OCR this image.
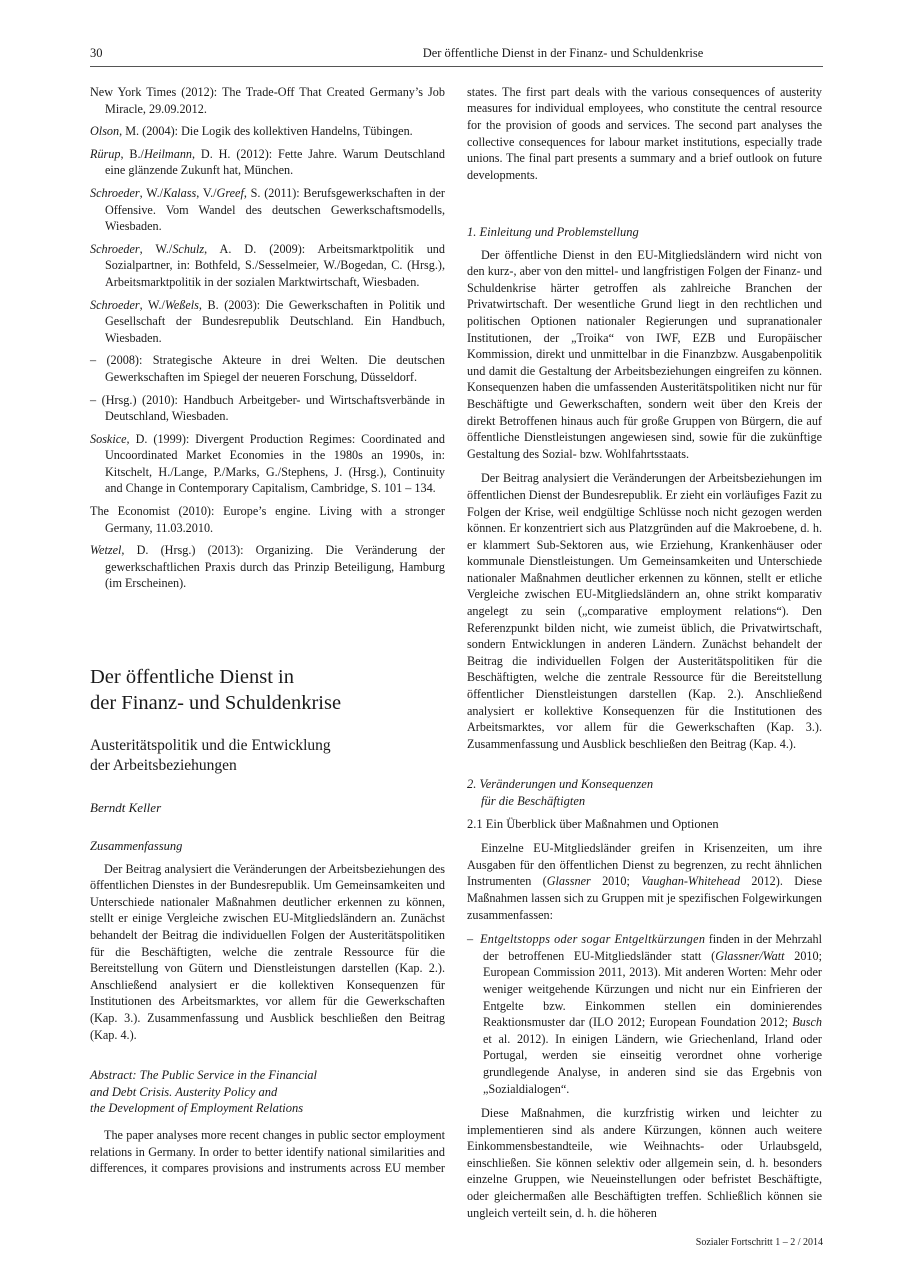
30	Der öffentliche Dienst in der Finanz- und Schuldenkrise

New York Times (2012): The Trade-Off That Created Germany’s Job Miracle, 29.09.2012.

Olson, M. (2004): Die Logik des kollektiven Handelns, Tübingen.

Rürup, B./Heilmann, D. H. (2012): Fette Jahre. Warum Deutschland eine glänzende Zukunft hat, München.

Schroeder, W./Kalass, V./Greef, S. (2011): Berufsgewerkschaften in der Offensive. Vom Wandel des deutschen Gewerkschaftsmodells, Wiesbaden.

Schroeder, W./Schulz, A. D. (2009): Arbeitsmarktpolitik und Sozialpartner, in: Bothfeld, S./Sesselmeier, W./Bogedan, C. (Hrsg.), Arbeitsmarktpolitik in der sozialen Marktwirtschaft, Wiesbaden.

Schroeder, W./Weßels, B. (2003): Die Gewerkschaften in Politik und Gesellschaft der Bundesrepublik Deutschland. Ein Handbuch, Wiesbaden.

– (2008): Strategische Akteure in drei Welten. Die deutschen Gewerkschaften im Spiegel der neueren Forschung, Düsseldorf.

– (Hrsg.) (2010): Handbuch Arbeitgeber- und Wirtschaftsverbände in Deutschland, Wiesbaden.

Soskice, D. (1999): Divergent Production Regimes: Coordinated and Uncoordinated Market Economies in the 1980s an 1990s, in: Kitschelt, H./Lange, P./Marks, G./Stephens, J. (Hrsg.), Continuity and Change in Contemporary Capitalism, Cambridge, S. 101 – 134.

The Economist (2010): Europe’s engine. Living with a stronger Germany, 11.03.2010.

Wetzel, D. (Hrsg.) (2013): Organizing. Die Veränderung der gewerkschaftlichen Praxis durch das Prinzip Beteiligung, Hamburg (im Erscheinen).

Der öffentliche Dienst in
der Finanz- und Schuldenkrise
Austeritätspolitik und die Entwicklung
der Arbeitsbeziehungen

Berndt Keller

Zusammenfassung

Der Beitrag analysiert die Veränderungen der Arbeitsbeziehungen des öffentlichen Dienstes in der Bundesrepublik. Um Gemeinsamkeiten und Unterschiede nationaler Maßnahmen deutlicher erkennen zu können, stellt er einige Vergleiche zwischen EU-Mitgliedsländern an. Zunächst behandelt der Beitrag die individuellen Folgen der Austeritätspolitiken für die Beschäftigten, welche die zentrale Ressource für die Bereitstellung von Gütern und Dienstleistungen darstellen (Kap. 2.). Anschließend analysiert er die kollektiven Konsequenzen für Institutionen des Arbeitsmarktes, vor allem für die Gewerkschaften (Kap. 3.). Zusammenfassung und Ausblick beschließen den Beitrag (Kap. 4.).

Abstract: The Public Service in the Financial
and Debt Crisis. Austerity Policy and
the Development of Employment Relations

The paper analyses more recent changes in public sector employment relations in Germany. In order to better identify national similarities and differences, it compares provisions and instruments across EU member

states. The first part deals with the various consequences of austerity measures for individual employees, who constitute the central resource for the provision of goods and services. The second part analyses the collective consequences for labour market institutions, especially trade unions. The final part presents a summary and a brief outlook on future developments.

1. Einleitung und Problemstellung

Der öffentliche Dienst in den EU-Mitgliedsländern wird nicht von den kurz-, aber von den mittel- und langfristigen Folgen der Finanz- und Schuldenkrise härter getroffen als zahlreiche Branchen der Privatwirtschaft. Der wesentliche Grund liegt in den rechtlichen und politischen Optionen nationaler Regierungen und supranationaler Institutionen, der „Troika“ von IWF, EZB und Europäischer Kommission, direkt und unmittelbar in die Finanzbzw. Ausgabenpolitik und damit die Gestaltung der Arbeitsbeziehungen eingreifen zu können. Konsequenzen haben die umfassenden Austeritätspolitiken nicht nur für Beschäftigte und Gewerkschaften, sondern weit über den Kreis der direkt Betroffenen hinaus auch für große Gruppen von Bürgern, die auf öffentliche Dienstleistungen angewiesen sind, sowie für die zukünftige Gestaltung des Sozial- bzw. Wohlfahrtsstaats.

Der Beitrag analysiert die Veränderungen der Arbeitsbeziehungen im öffentlichen Dienst der Bundesrepublik. Er zieht ein vorläufiges Fazit zu Folgen der Krise, weil endgültige Schlüsse noch nicht gezogen werden können. Er konzentriert sich aus Platzgründen auf die Makroebene, d. h. er klammert Sub-Sektoren aus, wie Erziehung, Krankenhäuser oder kommunale Dienstleistungen. Um Gemeinsamkeiten und Unterschiede nationaler Maßnahmen deutlicher erkennen zu können, stellt er etliche Vergleiche zwischen EU-Mitgliedsländern an, ohne strikt komparativ angelegt zu sein („comparative employment relations“). Den Referenzpunkt bilden nicht, wie zumeist üblich, die Privatwirtschaft, sondern Entwicklungen in anderen Ländern. Zunächst behandelt der Beitrag die individuellen Folgen der Austeritätspolitiken für die Beschäftigten, welche die zentrale Ressource für die Bereitstellung öffentlicher Dienstleistungen darstellen (Kap. 2.). Anschließend analysiert er kollektive Konsequenzen für die Institutionen des Arbeitsmarktes, vor allem für die Gewerkschaften (Kap. 3.). Zusammenfassung und Ausblick beschließen den Beitrag (Kap. 4.).

2. Veränderungen und Konsequenzen
für die Beschäftigten

2.1 Ein Überblick über Maßnahmen und Optionen

Einzelne EU-Mitgliedsländer greifen in Krisenzeiten, um ihre Ausgaben für den öffentlichen Dienst zu begrenzen, zu recht ähnlichen Instrumenten (Glassner 2010; Vaughan-Whitehead 2012). Diese Maßnahmen lassen sich zu Gruppen mit je spezifischen Folgewirkungen zusammenfassen:

– Entgeltstopps oder sogar Entgeltkürzungen finden in der Mehrzahl der betroffenen EU-Mitgliedsländer statt (Glassner/Watt 2010; European Commission 2011, 2013). Mit anderen Worten: Mehr oder weniger weitgehende Kürzungen und nicht nur ein Einfrieren der Entgelte bzw. Einkommen stellen ein dominierendes Reaktionsmuster dar (ILO 2012; European Foundation 2012; Busch et al. 2012). In einigen Ländern, wie Griechenland, Irland oder Portugal, werden sie einseitig verordnet ohne vorherige grundlegende Analyse, in anderen sind sie das Ergebnis von „Sozialdialogen“.

Diese Maßnahmen, die kurzfristig wirken und leichter zu implementieren sind als andere Kürzungen, können auch weitere Einkommensbestandteile, wie Weihnachts- oder Urlaubsgeld, einschließen. Sie können selektiv oder allgemein sein, d. h. besonders einzelne Gruppen, wie Neueinstellungen oder befristet Beschäftigte, oder gleichermaßen alle Beschäftigten treffen. Schließlich können sie ungleich verteilt sein, d. h. die höheren

Sozialer Fortschritt 1 – 2 / 2014
